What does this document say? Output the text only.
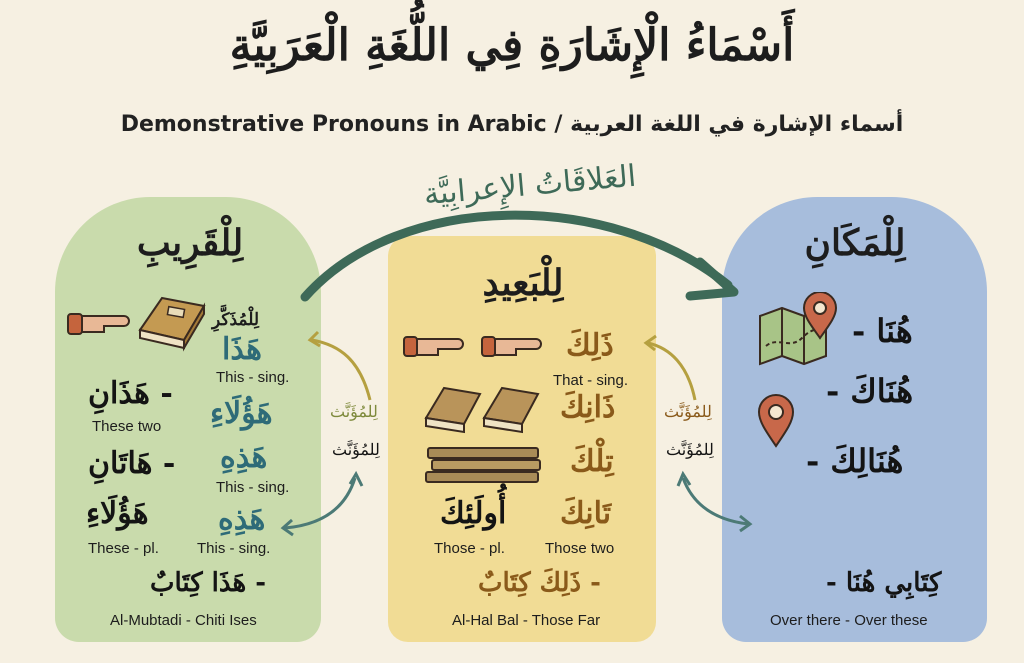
أَسْمَاءُ الْإِشَارَةِ فِي اللُّغَةِ الْعَرَبِيَّةِ
Demonstrative Pronouns in Arabic / أسماء الإشارة في اللغة العربية
العَلاقَاتُ الإِعرابِيَّة
لِلْقَرِيبِ
لِلْمُذَكَّرِ
هَذَا
This - sing.
- هَذَانِ
These two هَؤُلَاءِ
هَذِهِ
This - sing.
- هَاتَانِ
هَؤُلَاءِ
These - pl.
هَذِهِ
This - sing.
- هَذَا كِتَابٌ
Al-Mubtadi - Chiti Ises
لِلمُؤَنَّث
لِلمُؤَنَّث
لِلمُؤَنَّث
لِلمُؤَنَّث
لِلْبَعِيدِ
ذَلِكَ
That - sing.
ذَانِكَ
تِلْكَ
أُولَئِكَ
Those - pl.
تَانِكَ
Those two
- ذَلِكَ كِتَابٌ
Al-Hal Bal - Those Far
لِلْمَكَانِ
هُنَا -
هُنَاكَ -
هُنَالِكَ -
كِتَابِي هُنَا -
Over there - Over these
